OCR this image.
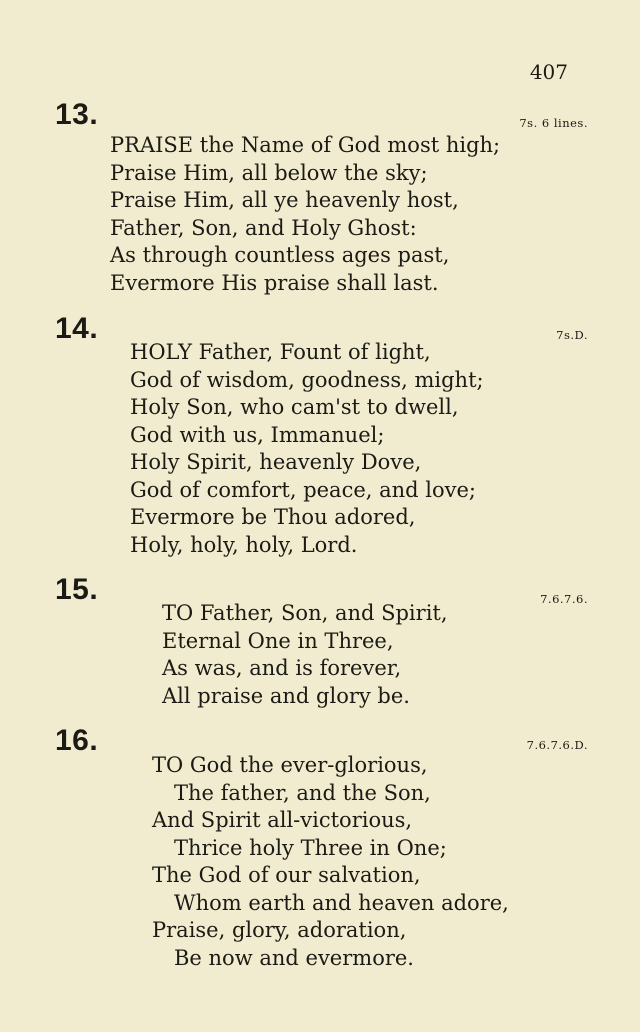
407
13.	7s. 6 lines.
PRAISE the Name of God most high;
Praise Him, all below the sky;
Praise Him, all ye heavenly host,
Father, Son, and Holy Ghost:
As through countless ages past,
Evermore His praise shall last.
14.	7s.D.
HOLY Father, Fount of light,
God of wisdom, goodness, might;
Holy Son, who cam'st to dwell,
God with us, Immanuel;
Holy Spirit, heavenly Dove,
God of comfort, peace, and love;
Evermore be Thou adored,
Holy, holy, holy, Lord.
15.	7.6.7.6.
TO Father, Son, and Spirit,
Eternal One in Three,
As was, and is forever,
All praise and glory be.
16.	7.6.7.6.D.
TO God the ever-glorious,
The father, and the Son,
And Spirit all-victorious,
Thrice holy Three in One;
The God of our salvation,
Whom earth and heaven adore,
Praise, glory, adoration,
Be now and evermore.
